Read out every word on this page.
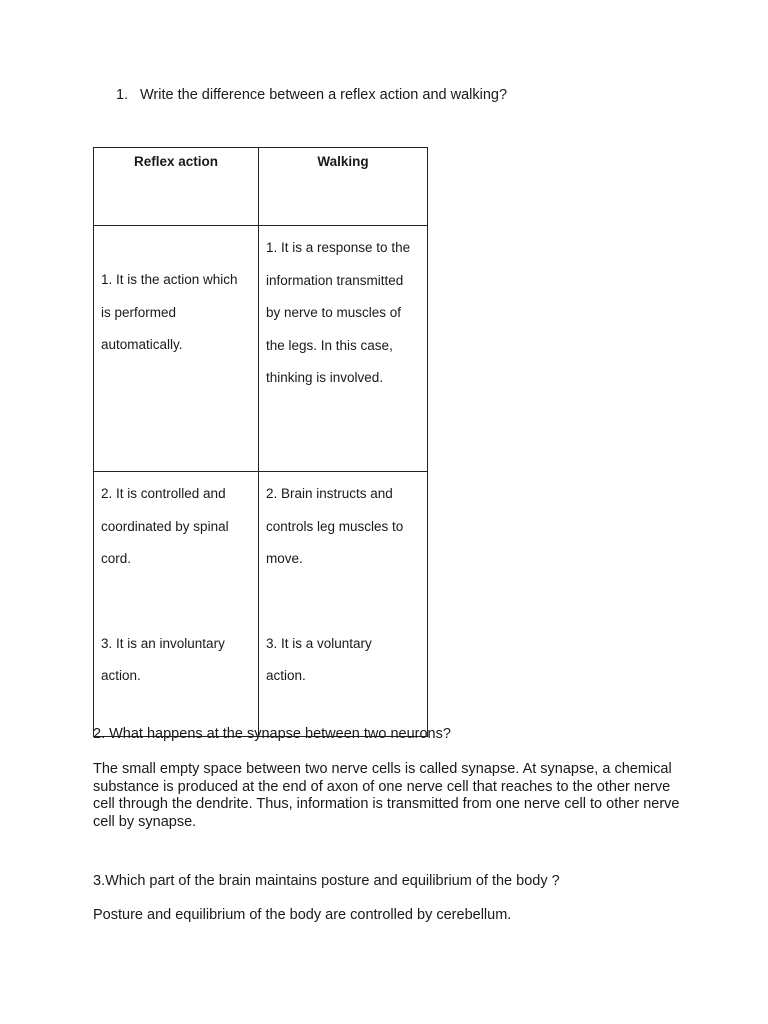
1. Write the difference between a reflex action and walking?
Reflex action	Walking

1. It is the action which
is performed
automatically.	1. It is a response to the
information transmitted
by nerve to muscles of
the legs. In this case,
thinking is involved.

2. It is controlled and
coordinated by spinal
cord.
3. It is an involuntary
action.	2. Brain instructs and
controls leg muscles to
move.
3. It is a voluntary
action.
2. What happens at the synapse between two neurons?
The small empty space between two nerve cells is called synapse. At synapse, a chemical substance is produced at the end of axon of one nerve cell that reaches to the other nerve cell through the dendrite. Thus, information is transmitted from one nerve cell to other nerve cell by synapse.
3.Which part of the brain maintains posture and equilibrium of the body ?
Posture and equilibrium of the body are controlled by cerebellum.
